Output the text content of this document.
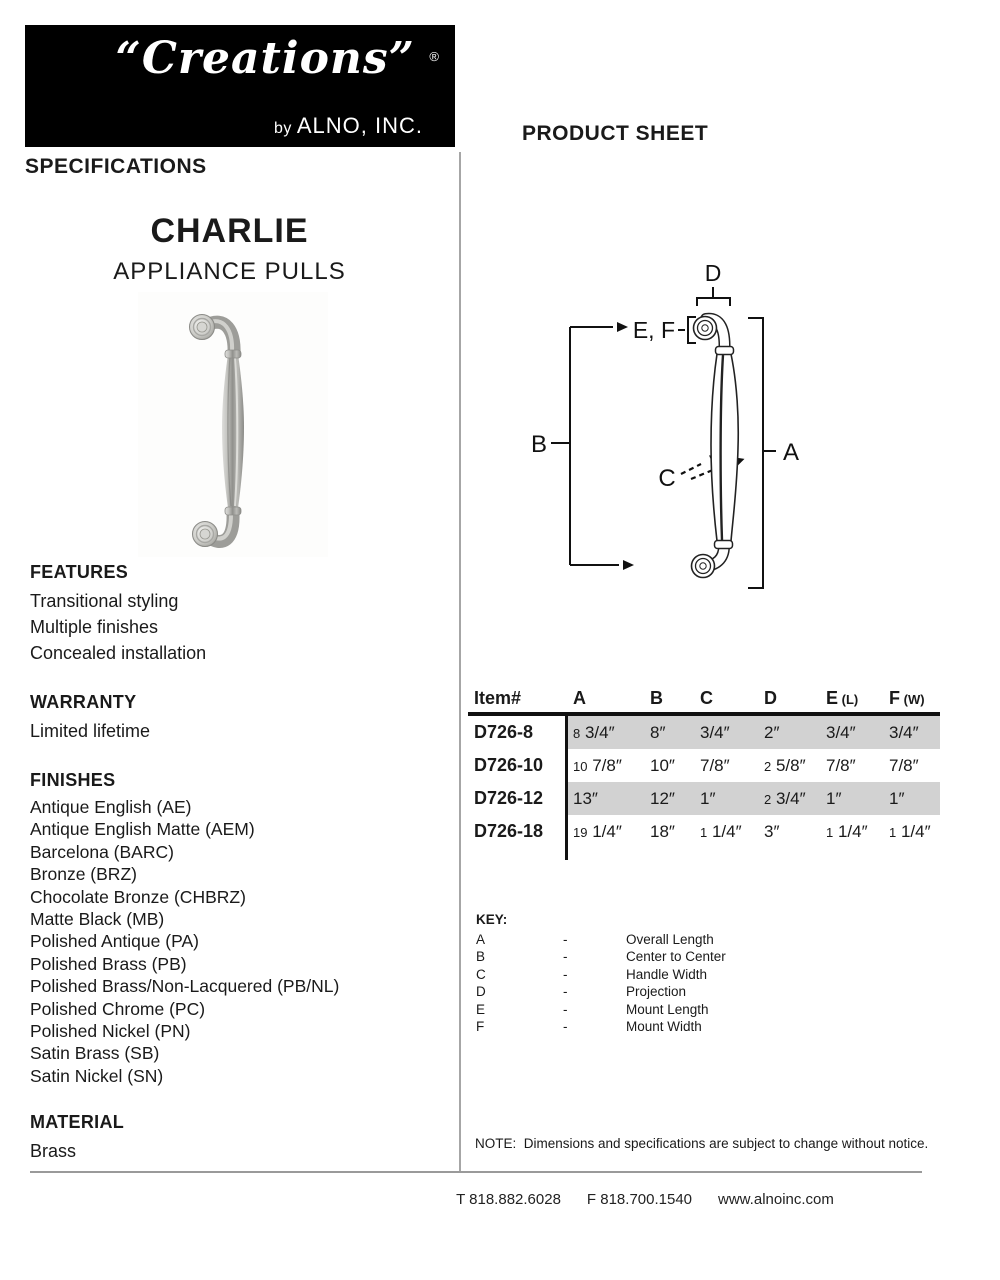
“Creations” ®
by ALNO, INC.
SPECIFICATIONS
PRODUCT SHEET
CHARLIE
APPLIANCE PULLS
FEATURES
Transitional styling
Multiple finishes
Concealed installation
WARRANTY
Limited lifetime
FINISHES
Antique English (AE)
Antique English Matte (AEM)
Barcelona (BARC)
Bronze (BRZ)
Chocolate Bronze (CHBRZ)
Matte Black (MB)
Polished Antique (PA)
Polished Brass (PB)
Polished Brass/Non-Lacquered (PB/NL)
Polished Chrome (PC)
Polished Nickel (PN)
Satin Brass (SB)
Satin Nickel (SN)
MATERIAL
Brass
D
E, F
B	A
C
Item#	A	B	C	D	E (L)	F (W)
D726-8	8 3/4″	8″	3/4″	2″	3/4″	3/4″
D726-10	10 7/8″	10″	7/8″	2 5/8″	7/8″	7/8″
D726-12	13″	12″	1″	2 3/4″	1″	1″
D726-18	19 1/4″	18″	1 1/4″	3″	1 1/4″	1 1/4″
KEY:
A	-	Overall Length
B	-	Center to Center
C	-	Handle Width
D	-	Projection
E	-	Mount Length
F	-	Mount Width
NOTE:  Dimensions and specifications are subject to change without notice.
T 818.882.6028 F 818.700.1540 www.alnoinc.com
